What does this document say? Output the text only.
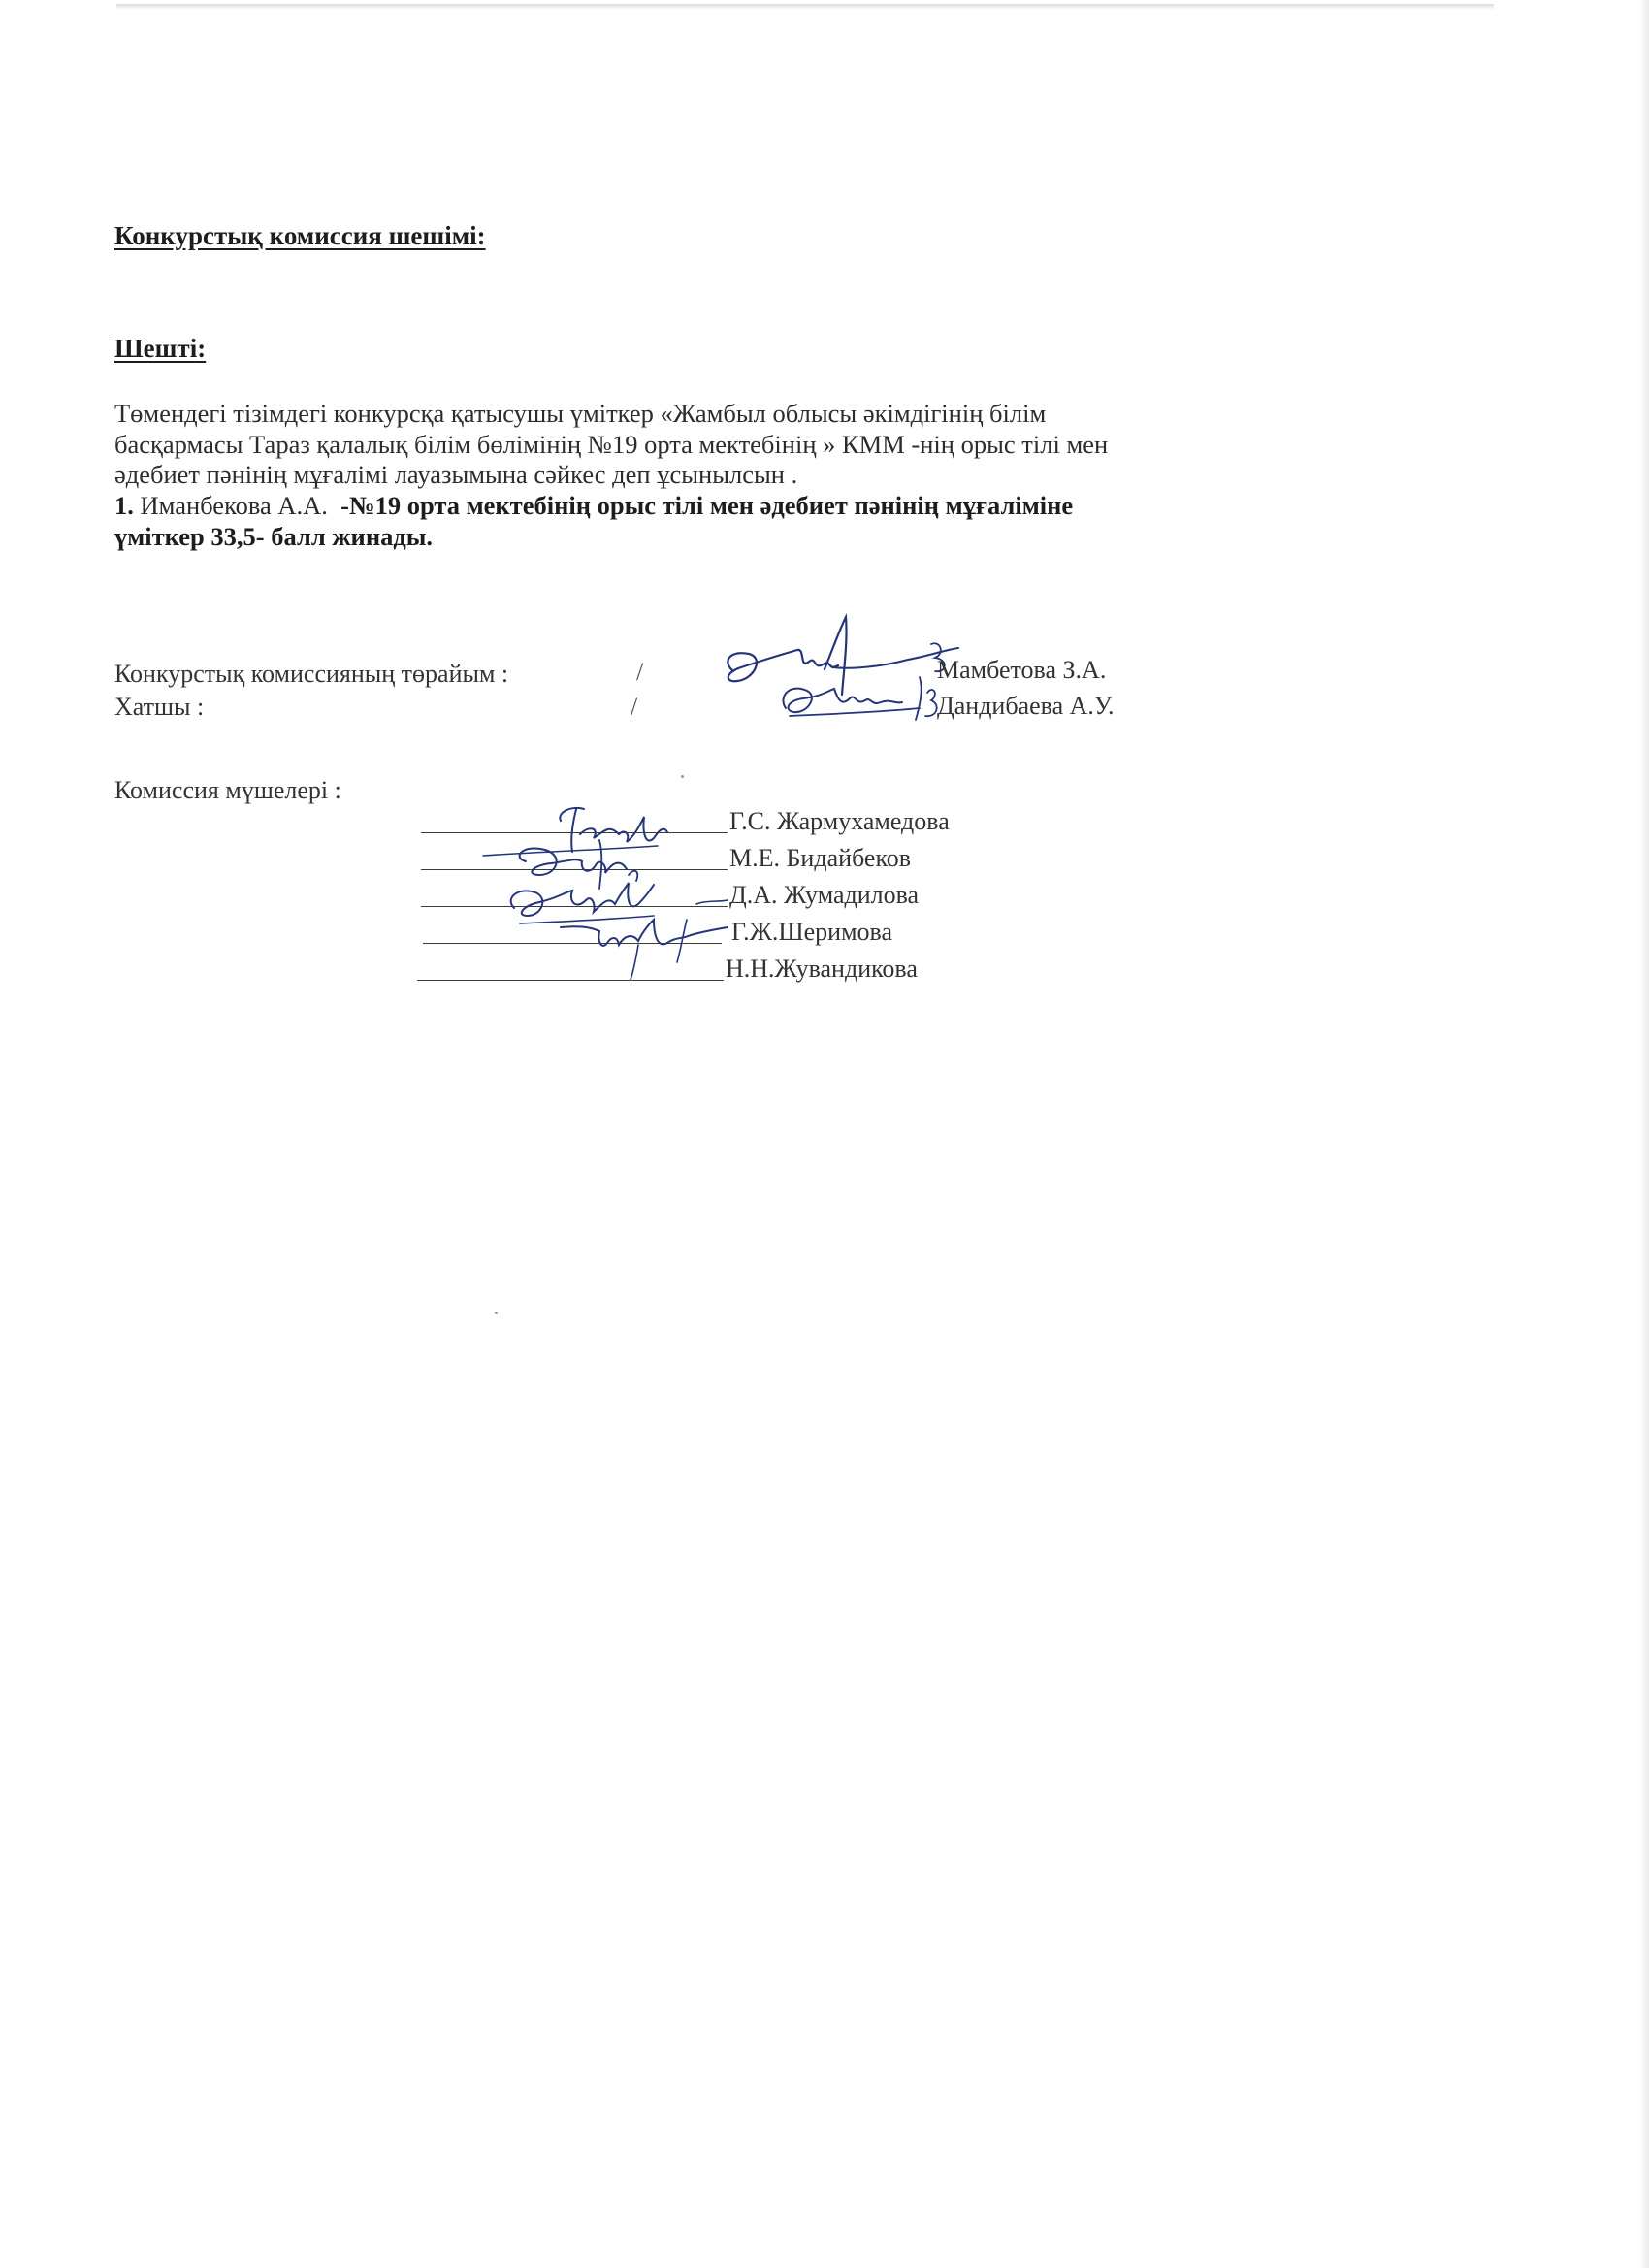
Конкурстық комиссия шешімі:
Шешті:
Төмендегі тізімдегі конкурсқа қатысушы үміткер «Жамбыл облысы әкімдігінің білім
басқармасы Тараз қалалық білім бөлімінің №19 орта мектебінің » КММ -нің орыс тілі мен
әдебиет пәнінің мұғалімі лауазымына сәйкес деп ұсынылсын .
1. Иманбекова А.А. -№19 орта мектебінің орыс тілі мен әдебиет пәнінің мұғаліміне
үміткер 33,5- балл жинады.
Конкурстық комиссияның төрайым :	/
Хатшы :	/
Мамбетова З.А.
Дандибаева А.У.
Комиссия мүшелері :
Г.С. Жармухамедова
М.Е. Бидайбеков
Д.А. Жумадилова
Г.Ж.Шеримова
Н.Н.Жувандикова
